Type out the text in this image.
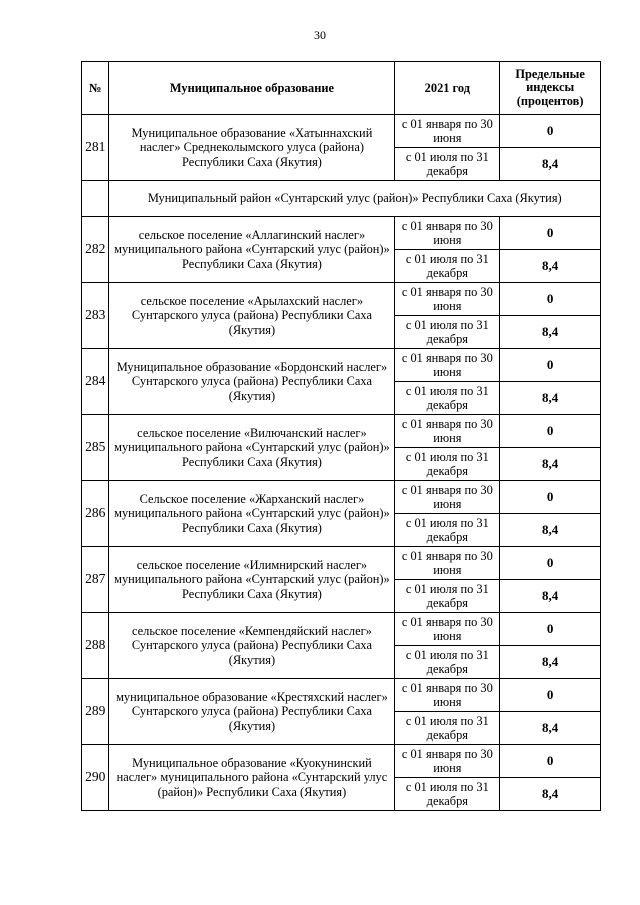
30
№	Муниципальное образование	2021 год	Предельные индексы (процентов)
281	Муниципальное образование «Хатыннахский наслег» Среднеколымского улуса (района) Республики Саха (Якутия)	с 01 января по 30 июня	0
		с 01 июля по 31 декабря	8,4
	Муниципальный район «Сунтарский улус (район)» Республики Саха (Якутия)		
282	сельское поселение «Аллагинский наслег» муниципального района «Сунтарский улус (район)» Республики Саха (Якутия)	с 01 января по 30 июня	0
		с 01 июля по 31 декабря	8,4
283	сельское поселение «Арылахский наслег» Сунтарского улуса (района) Республики Саха (Якутия)	с 01 января по 30 июня	0
		с 01 июля по 31 декабря	8,4
284	Муниципальное образование «Бордонский наслег» Сунтарского улуса (района) Республики Саха (Якутия)	с 01 января по 30 июня	0
		с 01 июля по 31 декабря	8,4
285	сельское поселение «Вилючанский наслег» муниципального района «Сунтарский улус (район)» Республики Саха (Якутия)	с 01 января по 30 июня	0
		с 01 июля по 31 декабря	8,4
286	Сельское поселение «Жарханский наслег» муниципального района «Сунтарский улус (район)» Республики Саха (Якутия)	с 01 января по 30 июня	0
		с 01 июля по 31 декабря	8,4
287	сельское поселение «Илимнирский наслег» муниципального района «Сунтарский улус (район)» Республики Саха (Якутия)	с 01 января по 30 июня	0
		с 01 июля по 31 декабря	8,4
288	сельское поселение «Кемпендяйский наслег» Сунтарского улуса (района) Республики Саха (Якутия)	с 01 января по 30 июня	0
		с 01 июля по 31 декабря	8,4
289	муниципальное образование «Крестяхский наслег» Сунтарского улуса (района) Республики Саха (Якутия)	с 01 января по 30 июня	0
		с 01 июля по 31 декабря	8,4
290	Муниципальное образование «Куокунинский наслег» муниципального района «Сунтарский улус (район)» Республики Саха (Якутия)	с 01 января по 30 июня	0
		с 01 июля по 31 декабря	8,4
